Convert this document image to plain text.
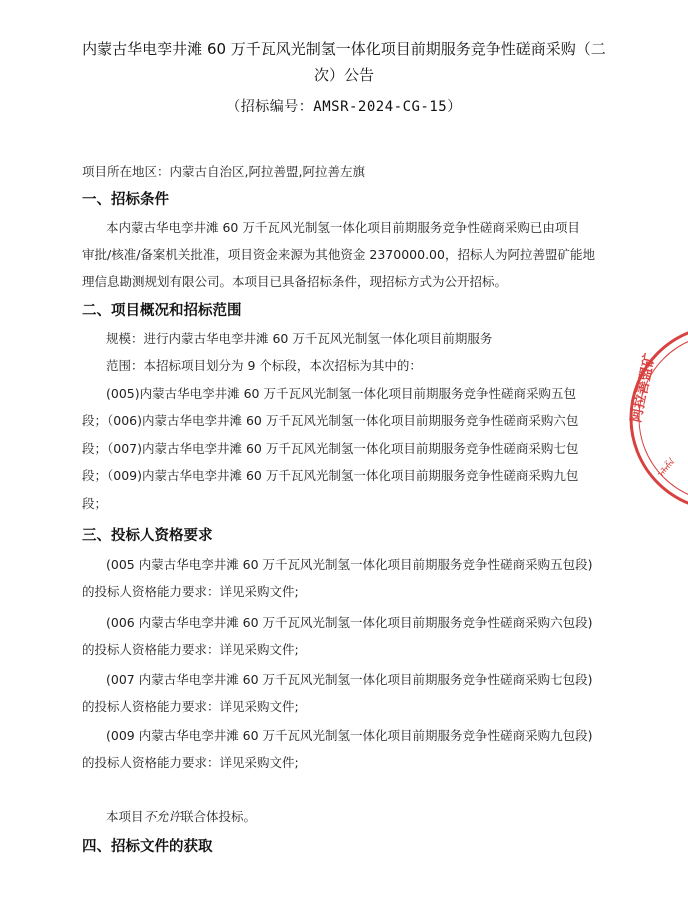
内蒙古华电孪井滩 60 万千瓦风光制氢一体化项目前期服务竞争性磋商采购（二
次）公告
（招标编号：AMSR-2024-CG-15）
项目所在地区：内蒙古自治区,阿拉善盟,阿拉善左旗
一、招标条件
本内蒙古华电孪井滩 60 万千瓦风光制氢一体化项目前期服务竞争性磋商采购已由项目
审批/核准/备案机关批准，项目资金来源为其他资金 2370000.00，招标人为阿拉善盟矿能地
理信息勘测规划有限公司。本项目已具备招标条件，现招标方式为公开招标。
二、项目概况和招标范围
规模：进行内蒙古华电孪井滩 60 万千瓦风光制氢一体化项目前期服务
范围：本招标项目划分为 9 个标段，本次招标为其中的：
(005)内蒙古华电孪井滩 60 万千瓦风光制氢一体化项目前期服务竞争性磋商采购五包
段；（006)内蒙古华电孪井滩 60 万千瓦风光制氢一体化项目前期服务竞争性磋商采购六包
段；（007)内蒙古华电孪井滩 60 万千瓦风光制氢一体化项目前期服务竞争性磋商采购七包
段；（009)内蒙古华电孪井滩 60 万千瓦风光制氢一体化项目前期服务竞争性磋商采购九包
段；
三、投标人资格要求
(005 内蒙古华电孪井滩 60 万千瓦风光制氢一体化项目前期服务竞争性磋商采购五包段)
的投标人资格能力要求：详见采购文件;
(006 内蒙古华电孪井滩 60 万千瓦风光制氢一体化项目前期服务竞争性磋商采购六包段)
的投标人资格能力要求：详见采购文件;
(007 内蒙古华电孪井滩 60 万千瓦风光制氢一体化项目前期服务竞争性磋商采购七包段)
的投标人资格能力要求：详见采购文件;
(009 内蒙古华电孪井滩 60 万千瓦风光制氢一体化项目前期服务竞争性磋商采购九包段)
的投标人资格能力要求：详见采购文件;
本项目不允许联合体投标。
四、招标文件的获取
阿拉善盟矿
ᠠᠯᠠᠱᠠ
